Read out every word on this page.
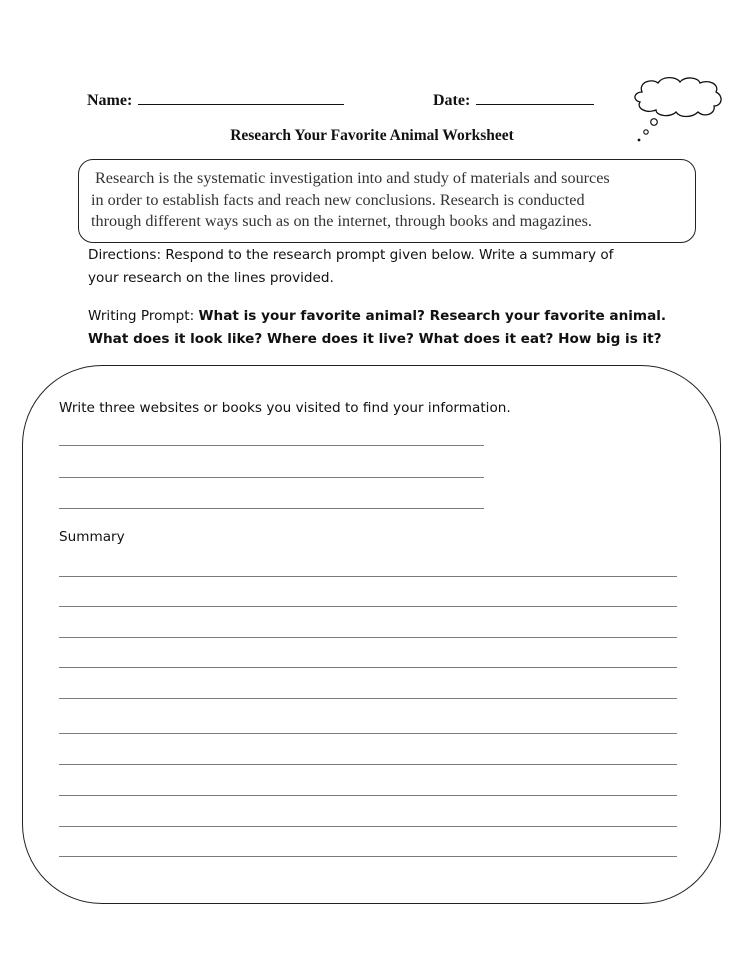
Name:	Date:
Research Your Favorite Animal Worksheet
Research is the systematic investigation into and study of materials and sources
in order to establish facts and reach new conclusions. Research is conducted
through different ways such as on the internet, through books and magazines.
Directions: Respond to the research prompt given below. Write a summary of
your research on the lines provided.
Writing Prompt: What is your favorite animal? Research your favorite animal.
What does it look like? Where does it live? What does it eat? How big is it?
Write three websites or books you visited to find your information.
Summary
